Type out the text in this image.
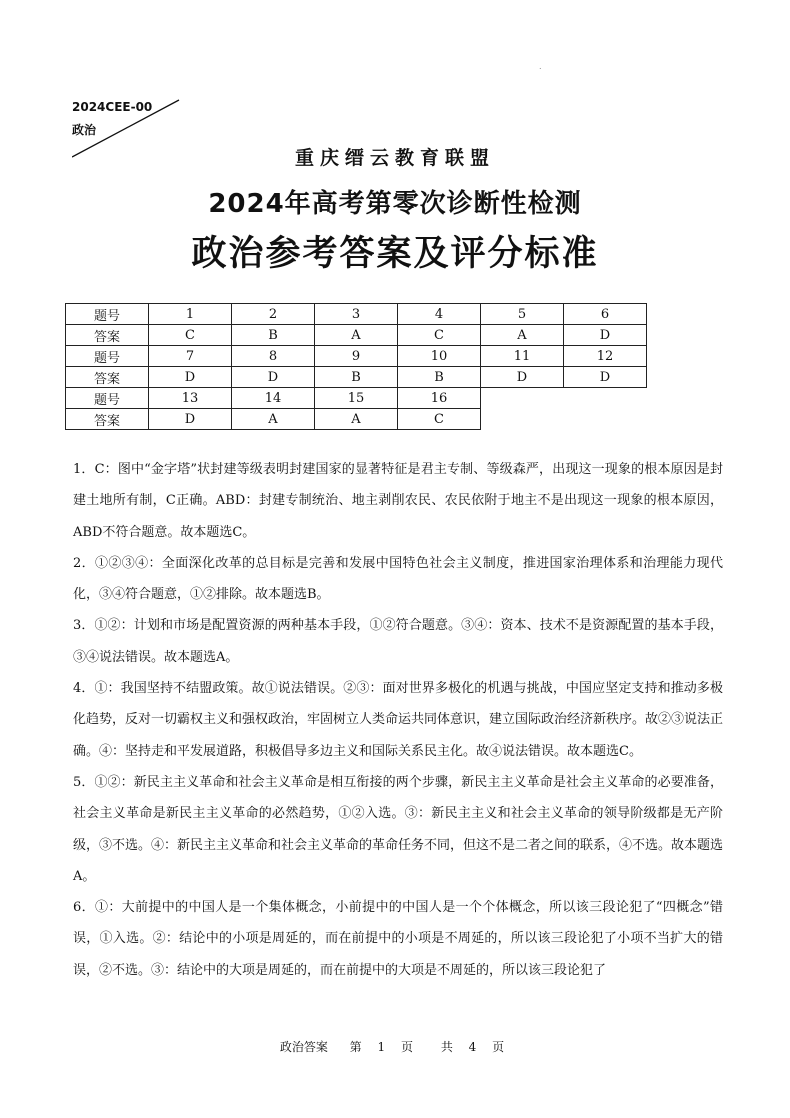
2024CEE-00
政治
.
重庆缙云教育联盟
2024年高考第零次诊断性检测
政治参考答案及评分标准
题号	1	2	3	4	5	6
答案	C	B	A	C	A	D
题号	7	8	9	10	11	12
答案	D	D	B	B	D	D
题号	13	14	15	16		
答案	D	A	A	C		

1．C：图中“金字塔”状封建等级表明封建国家的显著特征是君主专制、等级森严，出现这一现象的根本原因是封建土地所有制，C正确。ABD：封建专制统治、地主剥削农民、农民依附于地主不是出现这一现象的根本原因，ABD不符合题意。故本题选C。

2．①②③④：全面深化改革的总目标是完善和发展中国特色社会主义制度，推进国家治理体系和治理能力现代化，③④符合题意，①②排除。故本题选B。

3．①②：计划和市场是配置资源的两种基本手段，①②符合题意。③④：资本、技术不是资源配置的基本手段，③④说法错误。故本题选A。

4．①：我国坚持不结盟政策。故①说法错误。②③：面对世界多极化的机遇与挑战，中国应坚定支持和推动多极化趋势，反对一切霸权主义和强权政治，牢固树立人类命运共同体意识，建立国际政治经济新秩序。故②③说法正确。④：坚持走和平发展道路，积极倡导多边主义和国际关系民主化。故④说法错误。故本题选C。

5．①②：新民主主义革命和社会主义革命是相互衔接的两个步骤，新民主主义革命是社会主义革命的必要准备，社会主义革命是新民主主义革命的必然趋势，①②入选。③：新民主主义和社会主义革命的领导阶级都是无产阶级，③不选。④：新民主主义革命和社会主义革命的革命任务不同，但这不是二者之间的联系，④不选。故本题选A。

6．①：大前提中的中国人是一个集体概念，小前提中的中国人是一个个体概念，所以该三段论犯了“四概念”错误，①入选。②：结论中的小项是周延的，而在前提中的小项是不周延的，所以该三段论犯了小项不当扩大的错误，②不选。③：结论中的大项是周延的，而在前提中的大项是不周延的，所以该三段论犯了

政治答案 第 1 页 共 4 页
